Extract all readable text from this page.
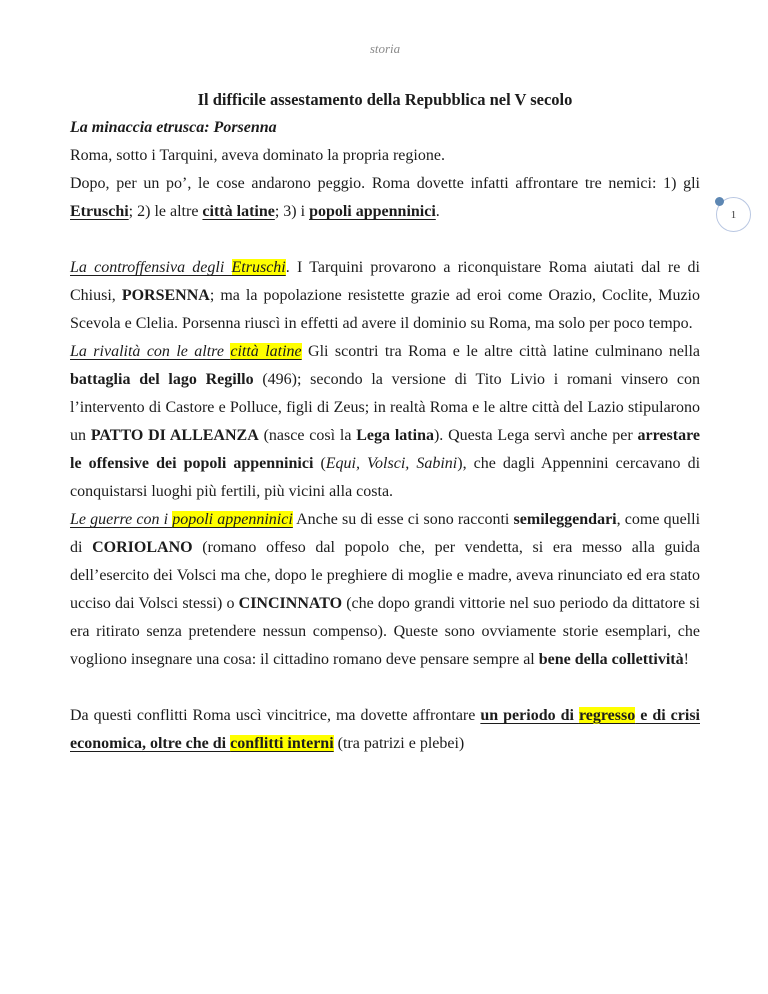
storia
Il difficile assestamento della Repubblica nel V secolo
La minaccia etrusca: Porsenna

Roma, sotto i Tarquini, aveva dominato la propria regione.

Dopo, per un po’, le cose andarono peggio. Roma dovette infatti affrontare tre nemici: 1) gli Etruschi; 2) le altre città latine; 3) i popoli appenninici.

La controffensiva degli Etruschi. I Tarquini provarono a riconquistare Roma aiutati dal re di Chiusi, PORSENNA; ma la popolazione resistette grazie ad eroi come Orazio, Coclite, Muzio Scevola e Clelia. Porsenna riuscì in effetti ad avere il dominio su Roma, ma solo per poco tempo.

La rivalità con le altre città latine Gli scontri tra Roma e le altre città latine culminano nella battaglia del lago Regillo (496); secondo la versione di Tito Livio i romani vinsero con l’intervento di Castore e Polluce, figli di Zeus; in realtà Roma e le altre città del Lazio stipularono un PATTO DI ALLEANZA (nasce così la Lega latina). Questa Lega servì anche per arrestare le offensive dei popoli appenninici (Equi, Volsci, Sabini), che dagli Appennini cercavano di conquistarsi luoghi più fertili, più vicini alla costa.

Le guerre con i popoli appenninici Anche su di esse ci sono racconti semileggendari, come quelli di CORIOLANO (romano offeso dal popolo che, per vendetta, si era messo alla guida dell’esercito dei Volsci ma che, dopo le preghiere di moglie e madre, aveva rinunciato ed era stato ucciso dai Volsci stessi) o CINCINNATO (che dopo grandi vittorie nel suo periodo da dittatore si era ritirato senza pretendere nessun compenso). Queste sono ovviamente storie esemplari, che vogliono insegnare una cosa: il cittadino romano deve pensare sempre al bene della collettività!

Da questi conflitti Roma uscì vincitrice, ma dovette affrontare un periodo di regresso e di crisi economica, oltre che di conflitti interni (tra patrizi e plebei)

1
